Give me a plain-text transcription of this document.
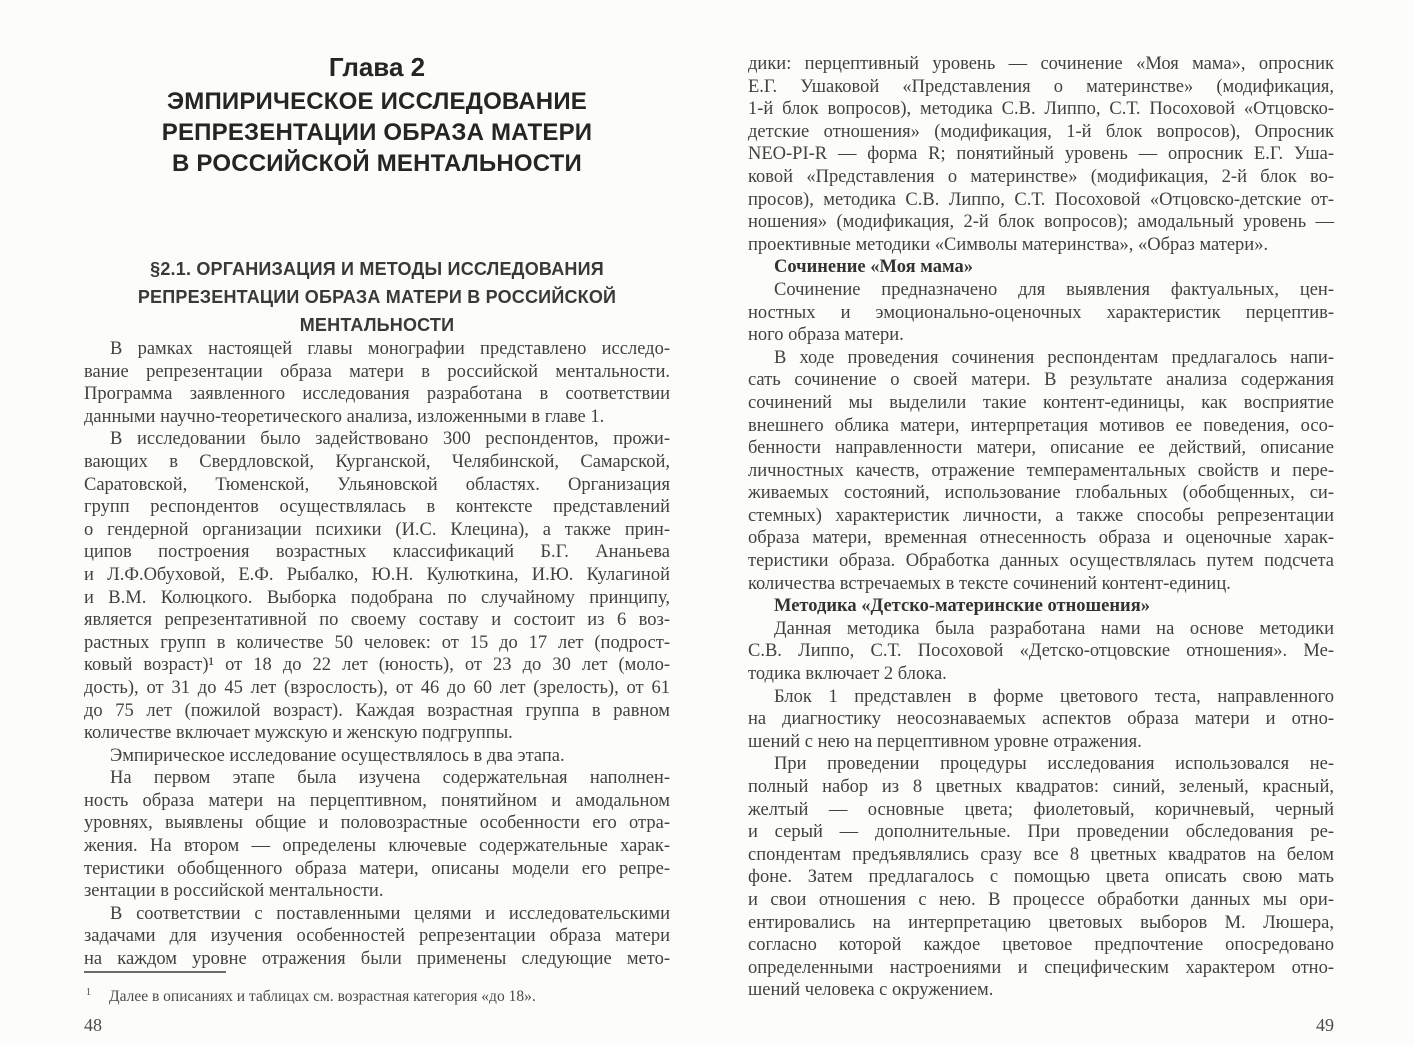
Глава 2
ЭМПИРИЧЕСКОЕ ИССЛЕДОВАНИЕ
РЕПРЕЗЕНТАЦИИ ОБРАЗА МАТЕРИ
В РОССИЙСКОЙ МЕНТАЛЬНОСТИ
§2.1. ОРГАНИЗАЦИЯ И МЕТОДЫ ИССЛЕДОВАНИЯ
РЕПРЕЗЕНТАЦИИ ОБРАЗА МАТЕРИ В РОССИЙСКОЙ
МЕНТАЛЬНОСТИ
В рамках настоящей главы монографии представлено исследо-
вание репрезентации образа матери в российской ментальности.
Программа заявленного исследования разработана в соответствии
данными научно-теоретического анализа, изложенными в главе 1.
В исследовании было задействовано 300 респондентов, прожи-
вающих в Свердловской, Курганской, Челябинской, Самарской,
Саратовской, Тюменской, Ульяновской областях. Организация
групп респондентов осуществлялась в контексте представлений
о гендерной организации психики (И.С. Клецина), а также прин-
ципов построения возрастных классификаций Б.Г. Ананьева
и Л.Ф.Обуховой, Е.Ф. Рыбалко, Ю.Н. Кулюткина, И.Ю. Кулагиной
и В.М. Колюцкого. Выборка подобрана по случайному принципу,
является репрезентативной по своему составу и состоит из 6 воз-
растных групп в количестве 50 человек: от 15 до 17 лет (подрост-
ковый возраст)¹ от 18 до 22 лет (юность), от 23 до 30 лет (моло-
дость), от 31 до 45 лет (взрослость), от 46 до 60 лет (зрелость), от 61
до 75 лет (пожилой возраст). Каждая возрастная группа в равном
количестве включает мужскую и женскую подгруппы.
Эмпирическое исследование осуществлялось в два этапа.
На первом этапе была изучена содержательная наполнен-
ность образа матери на перцептивном, понятийном и амодальном
уровнях, выявлены общие и половозрастные особенности его отра-
жения. На втором — определены ключевые содержательные харак-
теристики обобщенного образа матери, описаны модели его репре-
зентации в российской ментальности.
В соответствии с поставленными целями и исследовательскими
задачами для изучения особенностей репрезентации образа матери
на каждом уровне отражения были применены следующие мето-
$^1$ Далее в описаниях и таблицах см. возрастная категория «до 18».
48
дики: перцептивный уровень — сочинение «Моя мама», опросник
Е.Г. Ушаковой «Представления о материнстве» (модификация,
1-й блок вопросов), методика С.В. Липпо, С.Т. Посоховой «Отцовско-
детские отношения» (модификация, 1-й блок вопросов), Опросник
NEO-PI-R — форма R; понятийный уровень — опросник Е.Г. Уша-
ковой «Представления о материнстве» (модификация, 2-й блок во-
просов), методика С.В. Липпо, С.Т. Посоховой «Отцовско-детские от-
ношения» (модификация, 2-й блок вопросов); амодальный уровень —
проективные методики «Символы материнства», «Образ матери».
Сочинение «Моя мама»
Сочинение предназначено для выявления фактуальных, цен-
ностных и эмоционально-оценочных характеристик перцептив-
ного образа матери.
В ходе проведения сочинения респондентам предлагалось напи-
сать сочинение о своей матери. В результате анализа содержания
сочинений мы выделили такие контент-единицы, как восприятие
внешнего облика матери, интерпретация мотивов ее поведения, осо-
бенности направленности матери, описание ее действий, описание
личностных качеств, отражение темпераментальных свойств и пере-
живаемых состояний, использование глобальных (обобщенных, си-
стемных) характеристик личности, а также способы репрезентации
образа матери, временная отнесенность образа и оценочные харак-
теристики образа. Обработка данных осуществлялась путем подсчета
количества встречаемых в тексте сочинений контент-единиц.
Методика «Детско-материнские отношения»
Данная методика была разработана нами на основе методики
С.В. Липпо, С.Т. Посоховой «Детско-отцовские отношения». Ме-
тодика включает 2 блока.
Блок 1 представлен в форме цветового теста, направленного
на диагностику неосознаваемых аспектов образа матери и отно-
шений с нею на перцептивном уровне отражения.
При проведении процедуры исследования использовался не-
полный набор из 8 цветных квадратов: синий, зеленый, красный,
желтый — основные цвета; фиолетовый, коричневый, черный
и серый — дополнительные. При проведении обследования ре-
спондентам предъявлялись сразу все 8 цветных квадратов на белом
фоне. Затем предлагалось с помощью цвета описать свою мать
и свои отношения с нею. В процессе обработки данных мы ори-
ентировались на интерпретацию цветовых выборов М. Люшера,
согласно которой каждое цветовое предпочтение опосредовано
определенными настроениями и специфическим характером отно-
шений человека с окружением.
49
